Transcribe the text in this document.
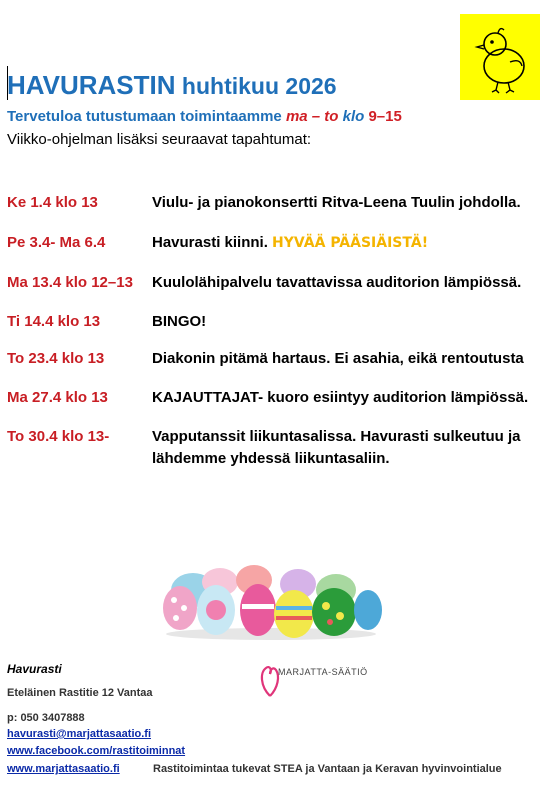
HAVURASTIN huhtikuu 2026
Tervetuloa tutustumaan toimintaamme ma – to klo 9–15
Viikko-ohjelman lisäksi seuraavat tapahtumat:
Ke 1.4 klo 13	Viulu- ja pianokonsertti Ritva-Leena Tuulin johdolla.
Pe 3.4- Ma 6.4	Havurasti kiinni. HYVÄÄ PÄÄSIÄISTÄ!
Ma 13.4 klo 12–13 Kuulolähipalvelu tavattavissa auditorion lämpiössä.
Ti 14.4 klo 13	BINGO!
To 23.4 klo 13	Diakonin pitämä hartaus. Ei asahia, eikä rentoutusta
Ma 27.4 klo 13	KAJAUTTAJAT- kuoro esiintyy auditorion lämpiössä.
To 30.4 klo 13-	Vapputanssit liikuntasalissa. Havurasti sulkeutuu ja lähdemme yhdessä liikuntasaliin.
Havurasti
Eteläinen Rastitie 12 Vantaa
p: 050 3407888
havurasti@marjattasaatio.fi
www.facebook.com/rastitoiminnat
www.marjattasaatio.fi	Rastitoimintaa tukevat STEA ja Vantaan ja Keravan hyvinvointialue
MARJATTA-SÄÄTIÖ
